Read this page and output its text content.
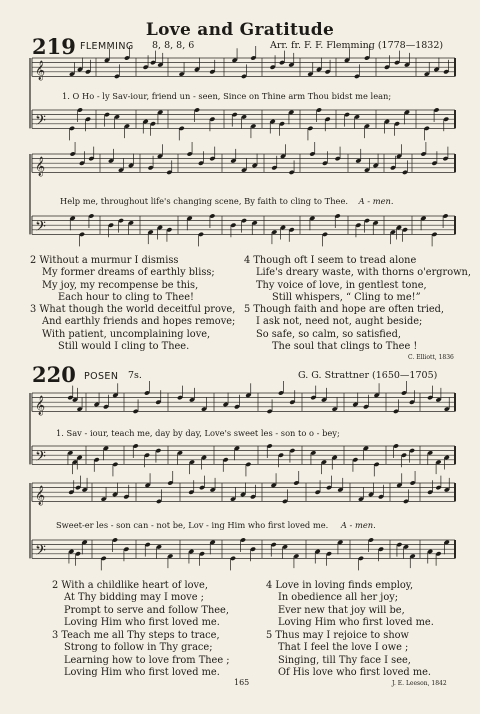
Love and Gratitude
219 FLEMMING 8, 8, 8, 6	Arr. fr. F. F. Flemming (1778—1832)
𝄞
𝄢
𝄞
𝄢
𝄞
𝄢
𝄞
𝄢
1. O Ho - ly Sav-iour, friend un - seen, Since on Thine arm Thou bidst me lean;
Help me, throughout life's changing scene, By faith to cling to Thee. A - men.
2 Without a murmur I dismiss
My former dreams of earthly bliss;
My joy, my recompense be this,
Each hour to cling to Thee!
3 What though the world deceitful prove,
And earthly friends and hopes remove;
With patient, uncomplaining love,
Still would I cling to Thee.
4 Though oft I seem to tread alone
Life's dreary waste, with thorns o'ergrown,
Thy voice of love, in gentlest tone,
Still whispers, “ Cling to me!”
5 Though faith and hope are often tried,
I ask not, need not, aught beside;
So safe, so calm, so satisfied,
The soul that clings to Thee !
C. Elliott, 1836
220 POSEN 7s.	G. G. Strattner (1650—1705)
1. Sav - iour, teach me, day by day, Love's sweet les - son to o - bey;
Sweet-er les - son can - not be, Lov - ing Him who first loved me. A - men.
2 With a childlike heart of love,
At Thy bidding may I move ;
Prompt to serve and follow Thee,
Loving Him who first loved me.
3 Teach me all Thy steps to trace,
Strong to follow in Thy grace;
Learning how to love from Thee ;
Loving Him who first loved me.
4 Love in loving finds employ,
In obedience all her joy;
Ever new that joy will be,
Loving Him who first loved me.
5 Thus may I rejoice to show
That I feel the love I owe ;
Singing, till Thy face I see,
Of His love who first loved me.
J. E. Leeson, 1842
165
